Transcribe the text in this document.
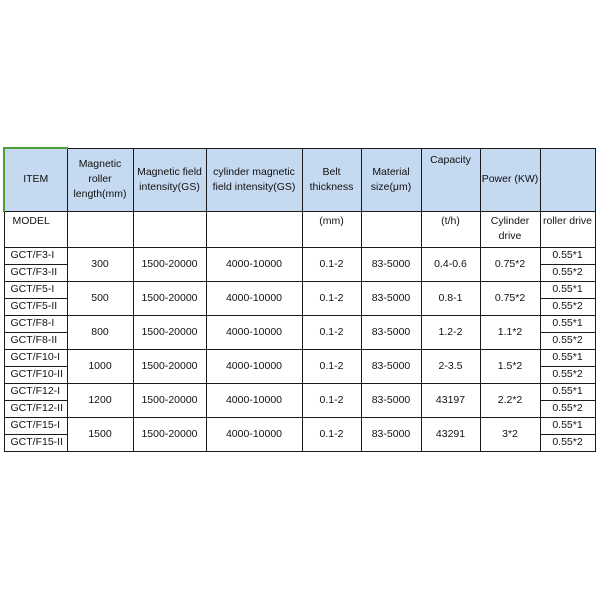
ITEM	Magnetic roller length(mm)	Magnetic field intensity(GS)	cylinder magnetic field intensity(GS)	Belt thickness	Material size(μm)	Capacity	Power (KW)	
MODEL				(mm)		(t/h)	Cylinder drive	roller drive
GCT/F3-I	300	1500-20000	4000-10000	0.1-2	83-5000	0.4-0.6	0.75*2	0.55*1
GCT/F3-II								0.55*2
GCT/F5-I	500	1500-20000	4000-10000	0.1-2	83-5000	0.8-1	0.75*2	0.55*1
GCT/F5-II								0.55*2
GCT/F8-I	800	1500-20000	4000-10000	0.1-2	83-5000	1.2-2	1.1*2	0.55*1
GCT/F8-II								0.55*2
GCT/F10-I	1000	1500-20000	4000-10000	0.1-2	83-5000	2-3.5	1.5*2	0.55*1
GCT/F10-II								0.55*2
GCT/F12-I	1200	1500-20000	4000-10000	0.1-2	83-5000	43197	2.2*2	0.55*1
GCT/F12-II								0.55*2
GCT/F15-I	1500	1500-20000	4000-10000	0.1-2	83-5000	43291	3*2	0.55*1
GCT/F15-II								0.55*2
